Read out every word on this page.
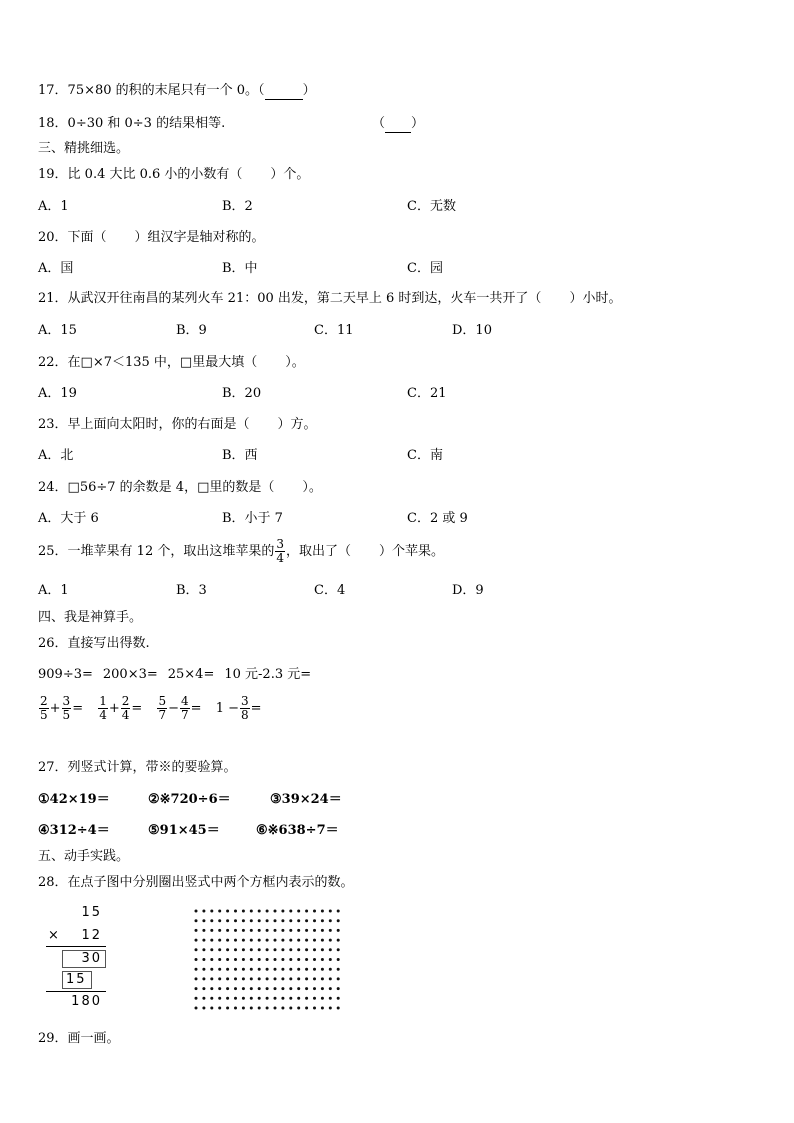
17．75×80 的积的末尾只有一个 0。（	）
18．0÷30 和 0÷3 的结果相等.	（ ）
三、精挑细选。
19．比 0.4 大比 0.6 小的小数有（ ）个。
A．1	B．2	C．无数
20．下面（ ）组汉字是轴对称的。
A．国	B．中	C．园
21．从武汉开往南昌的某列火车 21：00 出发，第二天早上 6 时到达，火车一共开了（ ）小时。
A．15	B．9	C．11	D．10
22．在□×7＜135 中，□里最大填（ ）。
A．19	B．20	C．21
23．早上面向太阳时，你的右面是（ ）方。
A．北	B．西	C．南
24．□56÷7 的余数是 4，□里的数是（ ）。
A．大于 6	B．小于 7	C．2 或 9
25．一堆苹果有 12 个，取出这堆苹果的 $\frac{3}{4}$ ，取出了（ ）个苹果。
A．1	B．3	C．4	D．9
四、我是神算手。
26．直接写出得数.
909÷3= 200×3= 25×4= 10 元-2.3 元=
$\frac{2}{5} + \frac{3}{5} = \frac{1}{4} + \frac{2}{4} = \frac{5}{7} - \frac{4}{7} = 1 - \frac{3}{8}$ =
27．列竖式计算，带※的要验算。
①42×19＝	②※720÷6＝	③39×24＝
④312÷4＝	⑤91×45＝	⑥※638÷7＝
五、动手实践。
28．在点子图中分别圈出竖式中两个方框内表示的数。
15
12
×
30
15
180
29．画一画。
